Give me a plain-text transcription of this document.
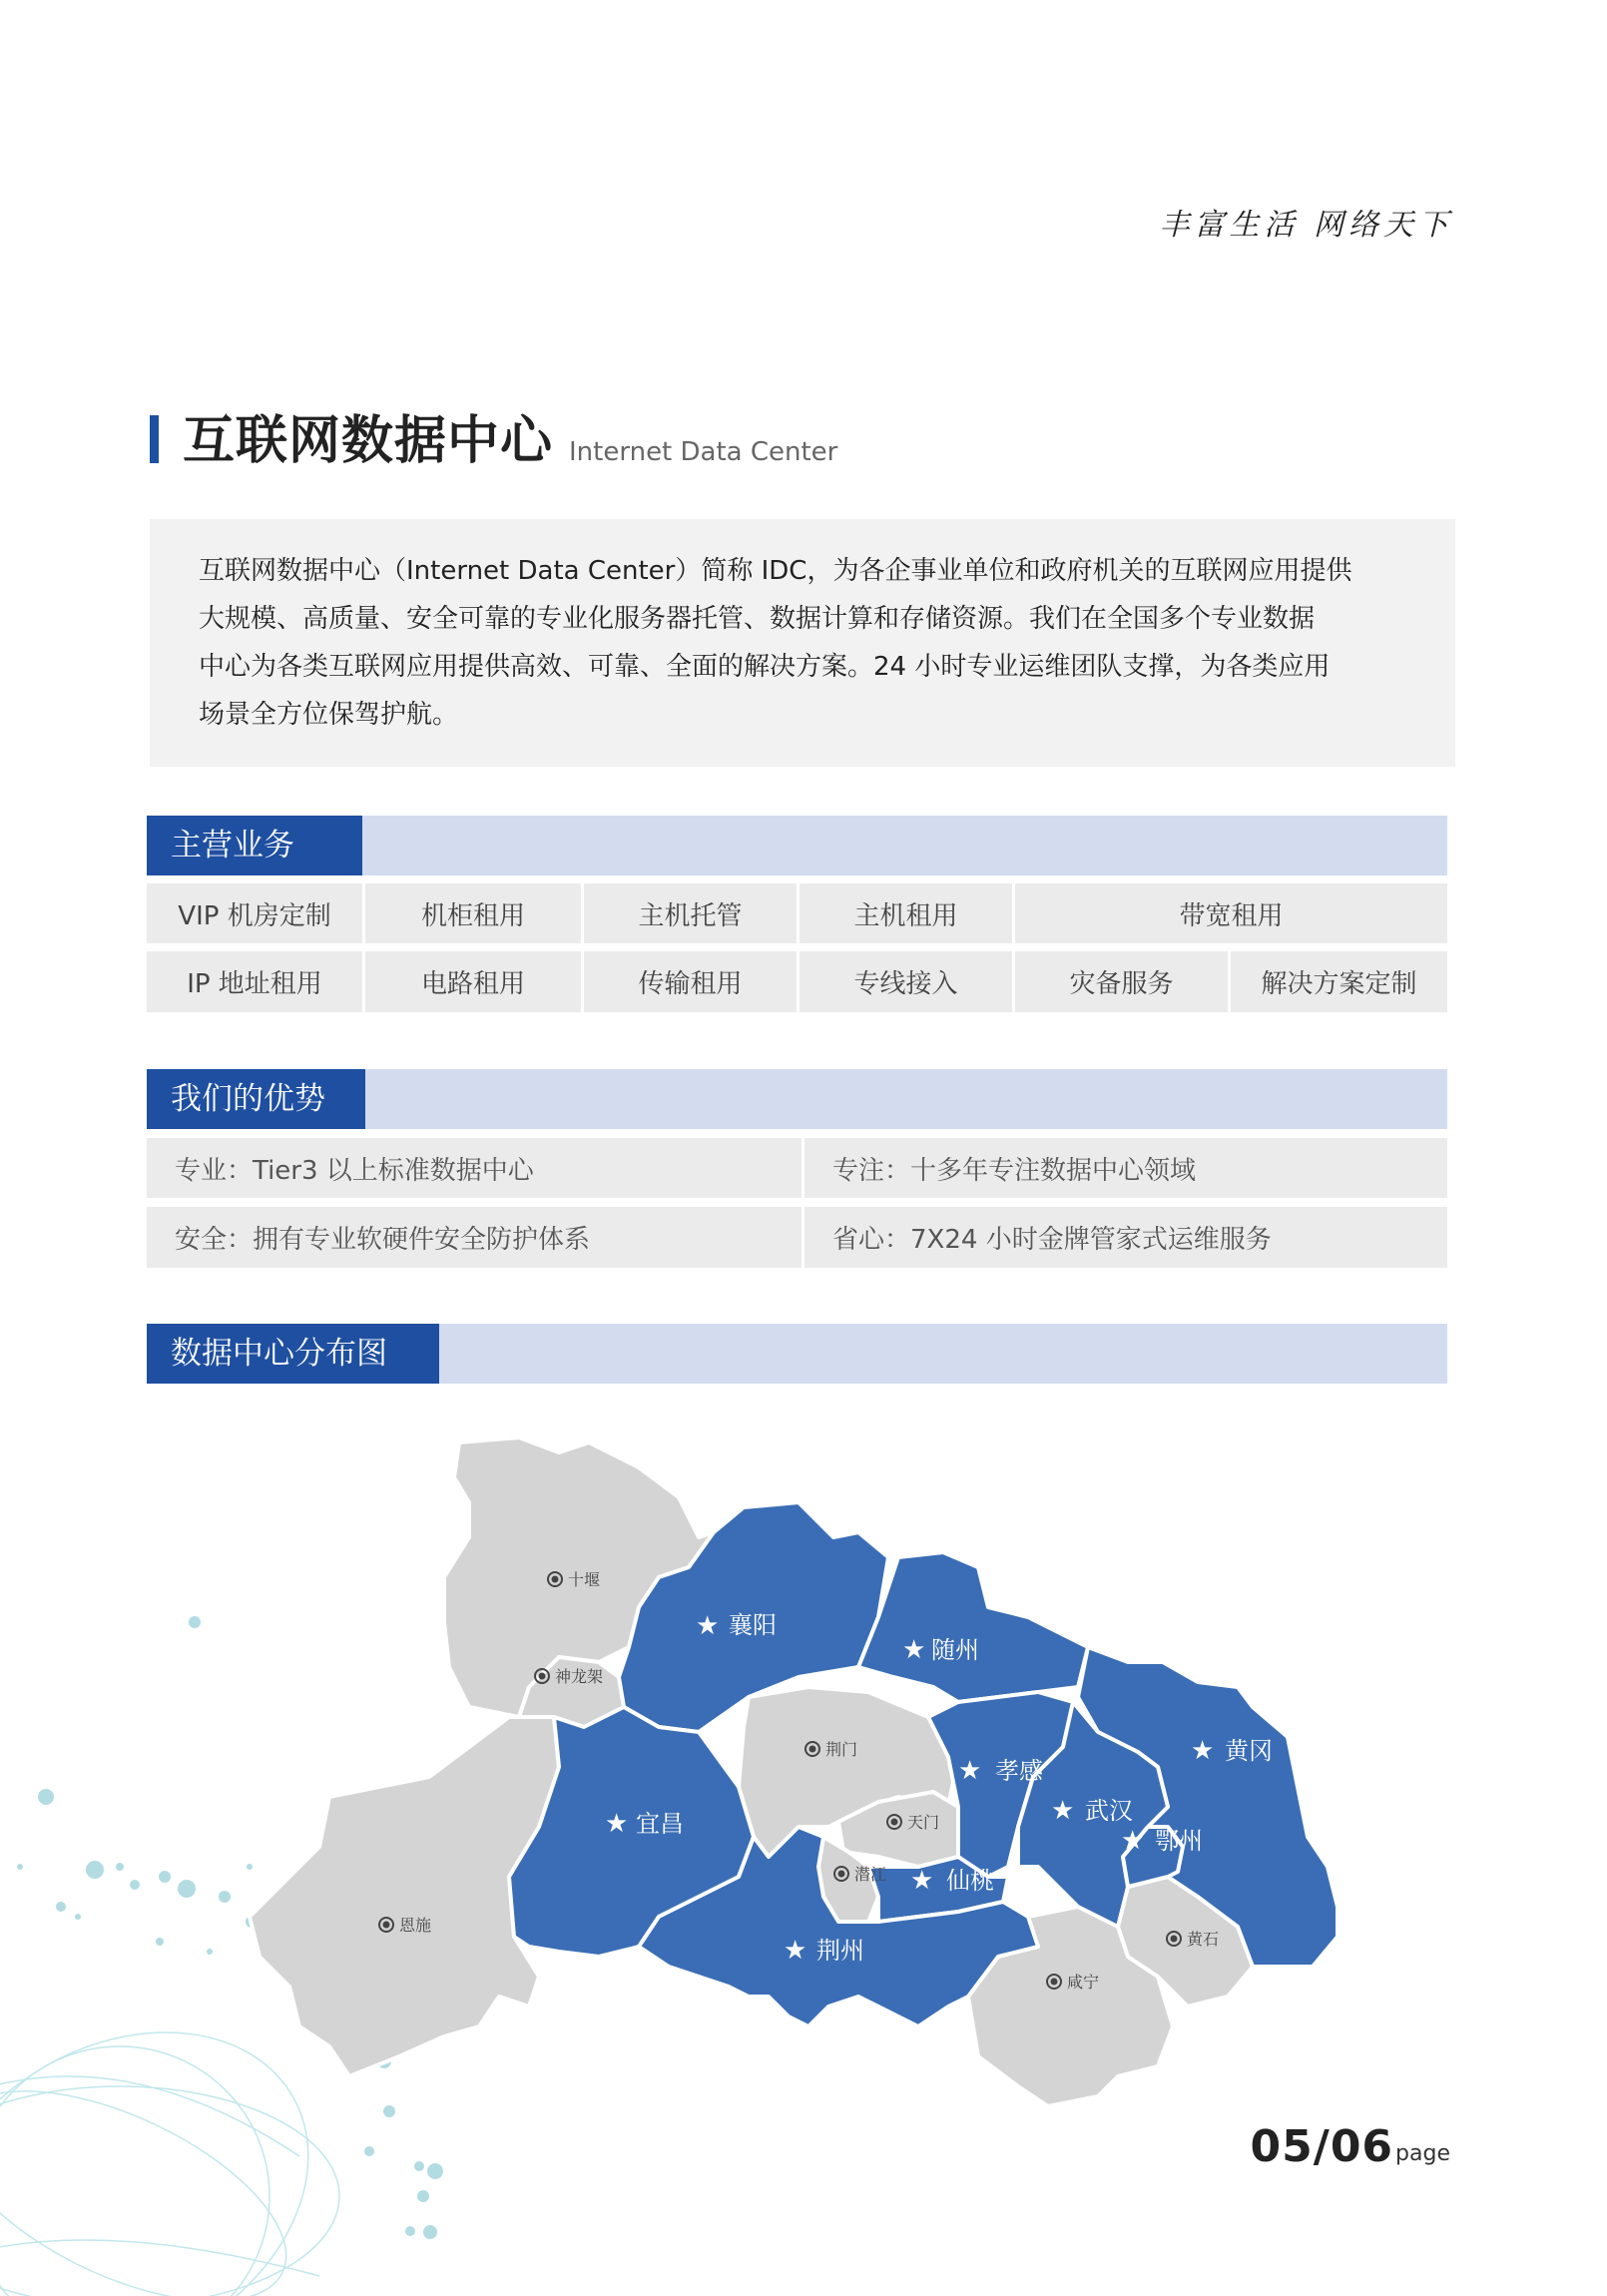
丰富生活 网络天下
互联网数据中心 Internet Data Center
互联网数据中心（Internet Data Center）简称 IDC，为各企事业单位和政府机关的互联网应用提供
大规模、高质量、安全可靠的专业化服务器托管、数据计算和存储资源。我们在全国多个专业数据
中心为各类互联网应用提供高效、可靠、全面的解决方案。24 小时专业运维团队支撑，为各类应用
场景全方位保驾护航。
主营业务
VIP 机房定制	机柜租用	主机托管	主机租用	带宽租用
IP 地址租用	电路租用	传输租用	专线接入	灾备服务	解决方案定制
我们的优势
专业：Tier3 以上标准数据中心	专注：十多年专注数据中心领域
安全：拥有专业软硬件安全防护体系	省心：7X24 小时金牌管家式运维服务
数据中心分布图
襄阳
随州
孝感
黄冈
宜昌	武汉
鄂州
仙桃
荆州
★
★
★
★
★	★
★
★
★
十堰
神龙架
荆门
天门
潜江
恩施
咸宁
黄石
05/06 page
